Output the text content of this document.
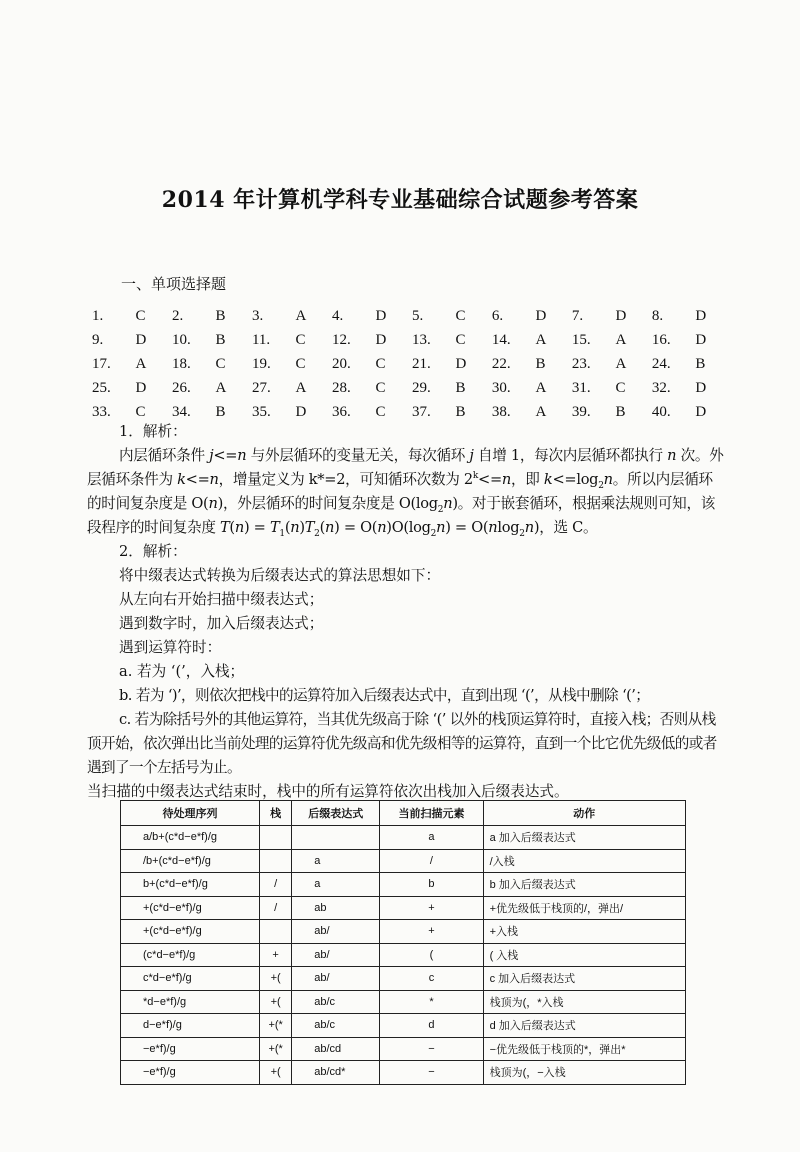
2014 年计算机学科专业基础综合试题参考答案
一、单项选择题
1.	C	2.	B	3.	A	4.	D	5.	C	6.	D	7.	D	8.	D
9.	D	10.	B	11.	C	12.	D	13.	C	14.	A	15.	A	16.	D
17.	A	18.	C	19.	C	20.	C	21.	D	22.	B	23.	A	24.	B
25.	D	26.	A	27.	A	28.	C	29.	B	30.	A	31.	C	32.	D
33.	C	34.	B	35.	D	36.	C	37.	B	38.	A	39.	B	40.	D

1．解析：

内层循环条件 j<=n 与外层循环的变量无关，每次循环 j 自增 1，每次内层循环都执行 n 次。外层循环条件为 k<=n，增量定义为 k*=2，可知循环次数为 $2^k<=n$，即 $k<=\log_2n$。所以内层循环的时间复杂度是 O(n)，外层循环的时间复杂度是 $O(\log_2n)$。对于嵌套循环，根据乘法规则可知，该段程序的时间复杂度 $T(n) = T_1(n)T_2(n) = O(n)O(\log_2n) = O(nlog_2n)$，选 C。

2．解析：

将中缀表达式转换为后缀表达式的算法思想如下：

从左向右开始扫描中缀表达式；

遇到数字时，加入后缀表达式；

遇到运算符时：

a. 若为 ‘(’，入栈；

b. 若为 ‘)’，则依次把栈中的运算符加入后缀表达式中，直到出现 ‘(’，从栈中删除 ‘(’；

c. 若为除括号外的其他运算符，当其优先级高于除 ‘(’ 以外的栈顶运算符时，直接入栈；否则从栈顶开始，依次弹出比当前处理的运算符优先级高和优先级相等的运算符，直到一个比它优先级低的或者遇到了一个左括号为止。

当扫描的中缀表达式结束时，栈中的所有运算符依次出栈加入后缀表达式。

待处理序列	栈	后缀表达式	当前扫描元素	动作
a/b+(c*d−e*f)/g			a	a 加入后缀表达式
/b+(c*d−e*f)/g		a	/	/入栈
b+(c*d−e*f)/g	/	a	b	b 加入后缀表达式
+(c*d−e*f)/g	/	ab	+	+优先级低于栈顶的/，弹出/
+(c*d−e*f)/g		ab/	+	+入栈
(c*d−e*f)/g	+	ab/	(	( 入栈
c*d−e*f)/g	+(	ab/	c	c 加入后缀表达式
*d−e*f)/g	+(	ab/c	*	栈顶为(，*入栈
d−e*f)/g	+(*	ab/c	d	d 加入后缀表达式
−e*f)/g	+(*	ab/cd	−	−优先级低于栈顶的*，弹出*
−e*f)/g	+(	ab/cd*	−	栈顶为(，−入栈
